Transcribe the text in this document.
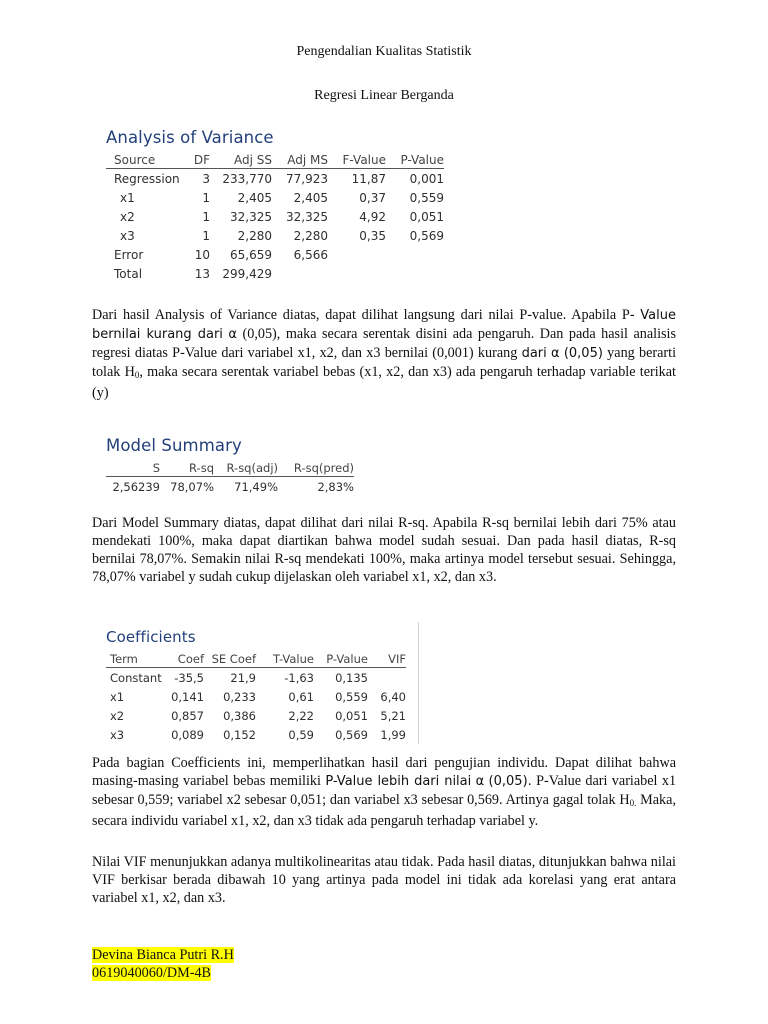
Pengendalian Kualitas Statistik
Regresi Linear Berganda
Analysis of Variance
Source	DF	Adj SS	Adj MS	F-Value	P-Value
Regression	3	233,770	77,923	11,87	0,001
x1	1	2,405	2,405	0,37	0,559
x2	1	32,325	32,325	4,92	0,051
x3	1	2,280	2,280	0,35	0,569
Error	10	65,659	6,566		
Total	13	299,429			

Dari hasil Analysis of Variance diatas, dapat dilihat langsung dari nilai P-value. Apabila P- Value bernilai kurang dari α (0,05), maka secara serentak disini ada pengaruh. Dan pada hasil analisis regresi diatas P-Value dari variabel x1, x2, dan x3 bernilai (0,001) kurang dari α (0,05) yang berarti tolak $H_0$, maka secara serentak variabel bebas (x1, x2, dan x3) ada pengaruh terhadap variable terikat (y)

Model Summary
S	R-sq	R-sq(adj)	R-sq(pred)
2,56239	78,07%	71,49%	2,83%

Dari Model Summary diatas, dapat dilihat dari nilai R-sq. Apabila R-sq bernilai lebih dari 75% atau mendekati 100%, maka dapat diartikan bahwa model sudah sesuai. Dan pada hasil diatas, R-sq bernilai 78,07%. Semakin nilai R-sq mendekati 100%, maka artinya model tersebut sesuai. Sehingga, 78,07% variabel y sudah cukup dijelaskan oleh variabel x1, x2, dan x3.

Coefficients
Term	Coef	SE Coef	T-Value	P-Value	VIF
Constant	-35,5	21,9	-1,63	0,135	
x1	0,141	0,233	0,61	0,559	6,40
x2	0,857	0,386	2,22	0,051	5,21
x3	0,089	0,152	0,59	0,569	1,99

Pada bagian Coefficients ini, memperlihatkan hasil dari pengujian individu. Dapat dilihat bahwa masing-masing variabel bebas memiliki P-Value lebih dari nilai α (0,05). P-Value dari variabel x1 sebesar 0,559; variabel x2 sebesar 0,051; dan variabel x3 sebesar 0,569. Artinya gagal tolak $H_{0.}$ Maka, secara individu variabel x1, x2, dan x3 tidak ada pengaruh terhadap variabel y.

Nilai VIF menunjukkan adanya multikolinearitas atau tidak. Pada hasil diatas, ditunjukkan bahwa nilai VIF berkisar berada dibawah 10 yang artinya pada model ini tidak ada korelasi yang erat antara variabel x1, x2, dan x3.

Devina Bianca Putri R.H
0619040060/DM-4B
